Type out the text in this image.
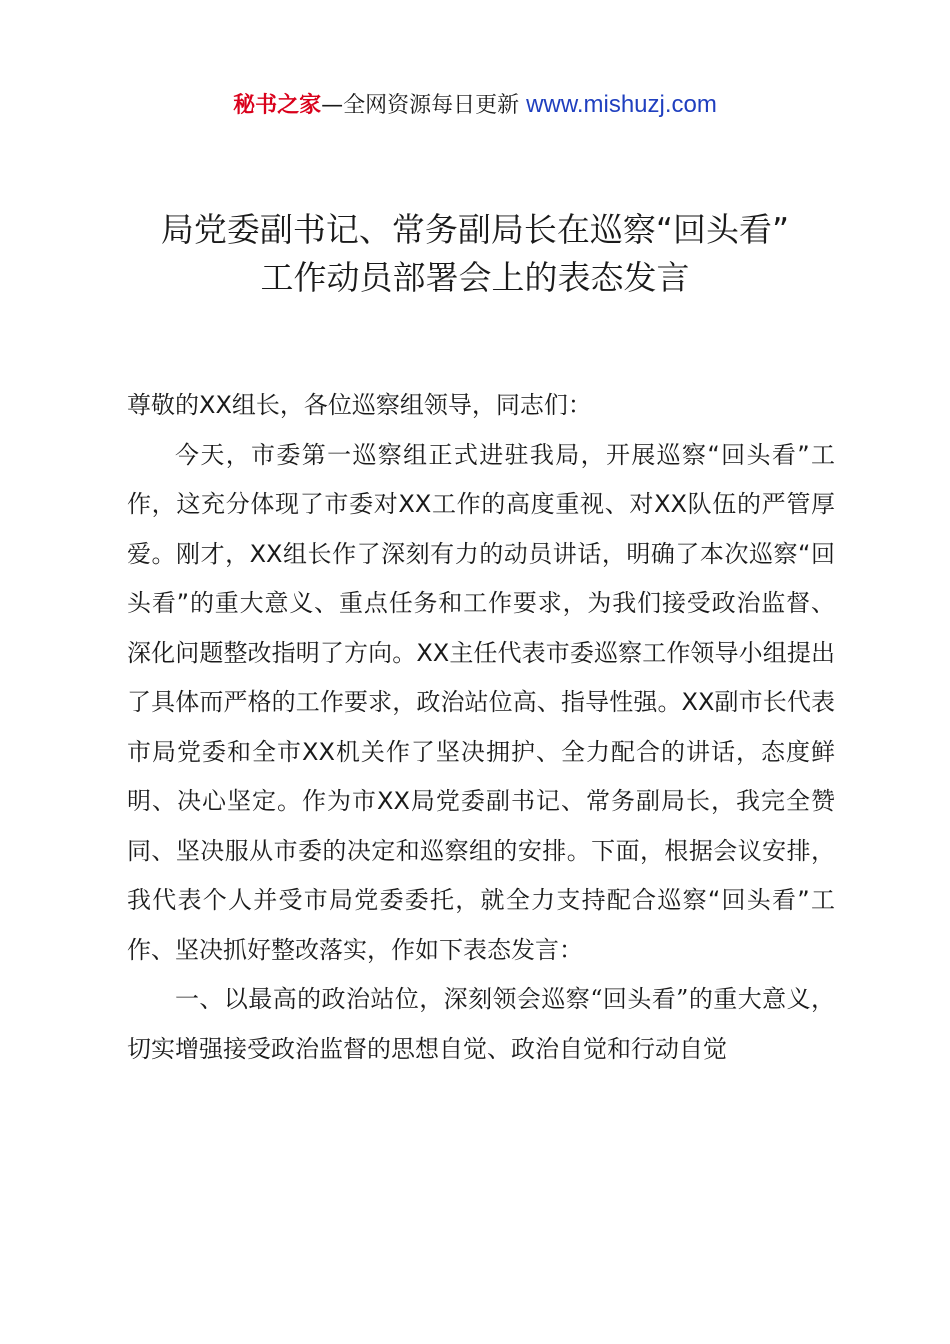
秘书之家—全网资源每日更新 www.mishuzj.com
局党委副书记、常务副局长在巡察“回头看”
工作动员部署会上的表态发言

尊敬的XX组长，各位巡察组领导，同志们：

今天，市委第一巡察组正式进驻我局，开展巡察“回头看”工作，这充分体现了市委对XX工作的高度重视、对XX队伍的严管厚爱。刚才，XX组长作了深刻有力的动员讲话，明确了本次巡察“回头看”的重大意义、重点任务和工作要求，为我们接受政治监督、深化问题整改指明了方向。XX主任代表市委巡察工作领导小组提出了具体而严格的工作要求，政治站位高、指导性强。XX副市长代表市局党委和全市XX机关作了坚决拥护、全力配合的讲话，态度鲜明、决心坚定。作为市XX局党委副书记、常务副局长，我完全赞同、坚决服从市委的决定和巡察组的安排。下面，根据会议安排，我代表个人并受市局党委委托，就全力支持配合巡察“回头看”工作、坚决抓好整改落实，作如下表态发言：

一、以最高的政治站位，深刻领会巡察“回头看”的重大意义，切实增强接受政治监督的思想自觉、政治自觉和行动自觉
